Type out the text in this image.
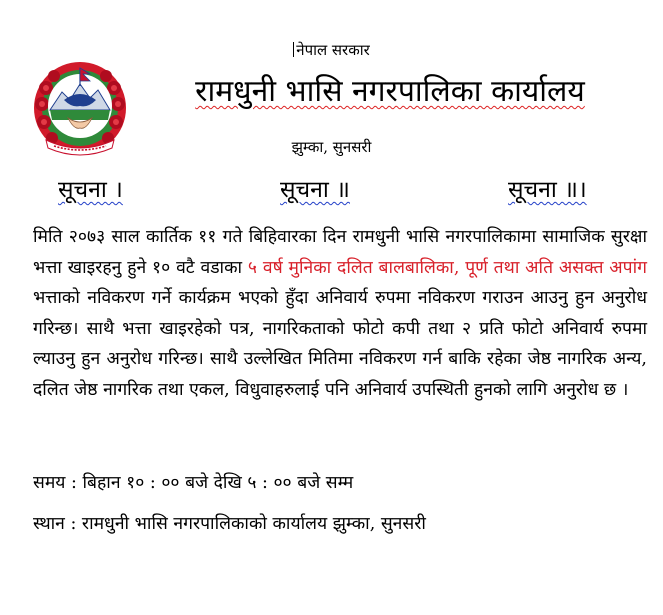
नेपाल सरकार
रामधुनी भासि नगरपालिका कार्यालय
झुम्का, सुनसरी
सूचना ।	सूचना ॥	सूचना ॥।
मिति २०७३ साल कार्तिक ११ गते बिहिवारका दिन रामधुनी भासि नगरपालिकामा सामाजिक सुरक्षा भत्ता खाइरहनु हुने १० वटै वडाका ५ वर्ष मुनिका दलित बालबालिका, पूर्ण तथा अति असक्त अपांग भत्ताको नविकरण गर्ने कार्यक्रम भएको हुँदा अनिवार्य रुपमा नविकरण गराउन आउनु हुन अनुरोध गरिन्छ। साथै भत्ता खाइरहेको पत्र, नागरिकताको फोटो कपी तथा २ प्रति फोटो अनिवार्य रुपमा ल्याउनु हुन अनुरोध गरिन्छ। साथै उल्लेखित मितिमा नविकरण गर्न बाकि रहेका जेष्ठ नागरिक अन्य, दलित जेष्ठ नागरिक तथा एकल, विधुवाहरुलाई पनि अनिवार्य उपस्थिती हुनको लागि अनुरोध छ ।
समय : बिहान १० : ०० बजे देखि ५ : ०० बजे सम्म
स्थान : रामधुनी भासि नगरपालिकाको कार्यालय झुम्का, सुनसरी
